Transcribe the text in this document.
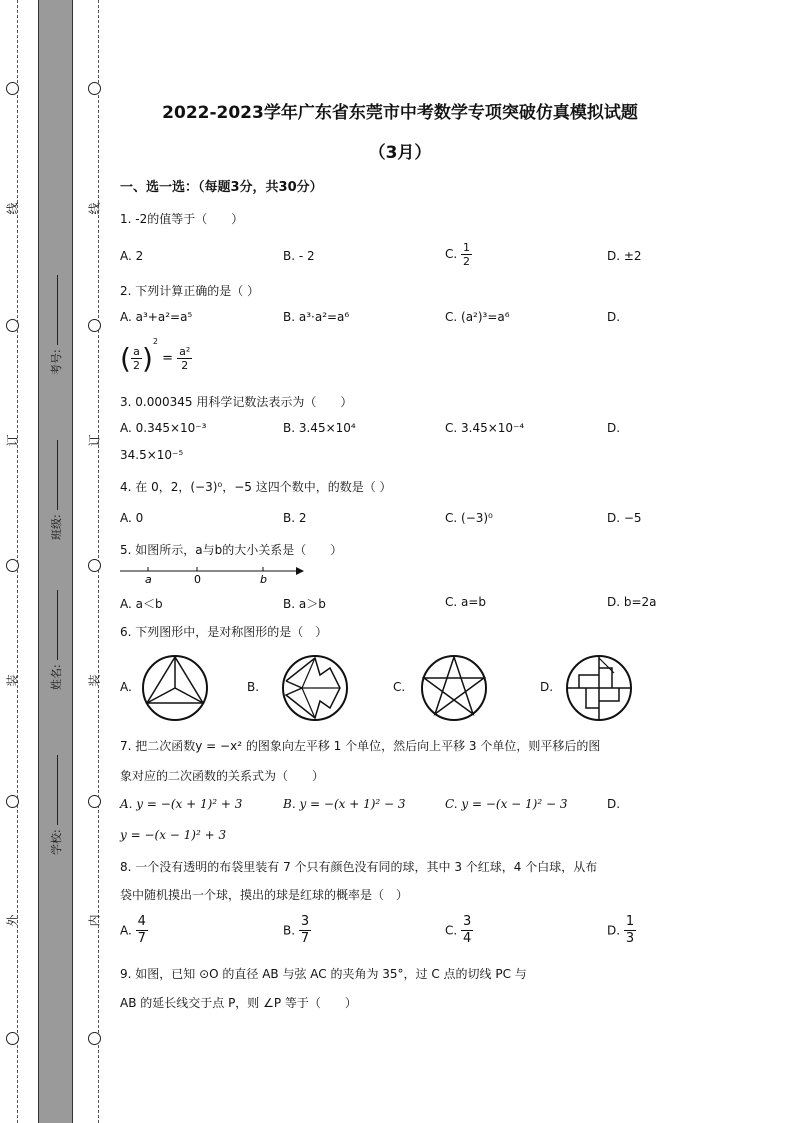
线
订
装
外
线
订
装
内
考号:
班级:
姓名:
学校:
2022-2023学年广东省东莞市中考数学专项突破仿真模拟试题
（3月）
一、选一选：（每题3分，共30分）
1. -2的值等于（　　）
A. 2	B. - 2	C. $\frac{1}{2}$	D. ±2
2. 下列计算正确的是（ ）
A. a³+a²=a⁵	B. a³·a²=a⁶	C. (a²)³=a⁶	D.
( $\frac{a}{2} )^2 = \frac{\text{a²}}{2}$
3. 0.000345 用科学记数法表示为（　　）
A. 0.345×10⁻³	B. 3.45×10⁴	C. 3.45×10⁻⁴	D.
34.5×10⁻⁵
4. 在 0，2，(−3)⁰，−5 这四个数中，的数是（ ）
A. 0	B. 2	C. (−3)⁰	D. −5
5. 如图所示，a与b的大小关系是（　　）
a	0	b
A. a＜b	B. a＞b	C. a=b	D. b=2a
6. 下列图形中，是对称图形的是（　）
A.	B.	C.	D.
7. 把二次函数y = −x² 的图象向左平移 1 个单位，然后向上平移 3 个单位，则平移后的图
象对应的二次函数的关系式为（　　）
A. y = −(x + 1)² + 3	B. y = −(x + 1)² − 3	C. y = −(x − 1)² − 3	D.
y = −(x − 1)² + 3
8. 一个没有透明的布袋里装有 7 个只有颜色没有同的球，其中 3 个红球，4 个白球，从布
袋中随机摸出一个球，摸出的球是红球的概率是（　）
A. $\frac{4}{7}$	B. $\frac{3}{7}$	C. $\frac{3}{4}$	D. $\frac{1}{3}$
9. 如图，已知 ⊙O 的直径 AB 与弦 AC 的夹角为 35°，过 C 点的切线 PC 与
AB 的延长线交于点 P，则 ∠P 等于（　　）
